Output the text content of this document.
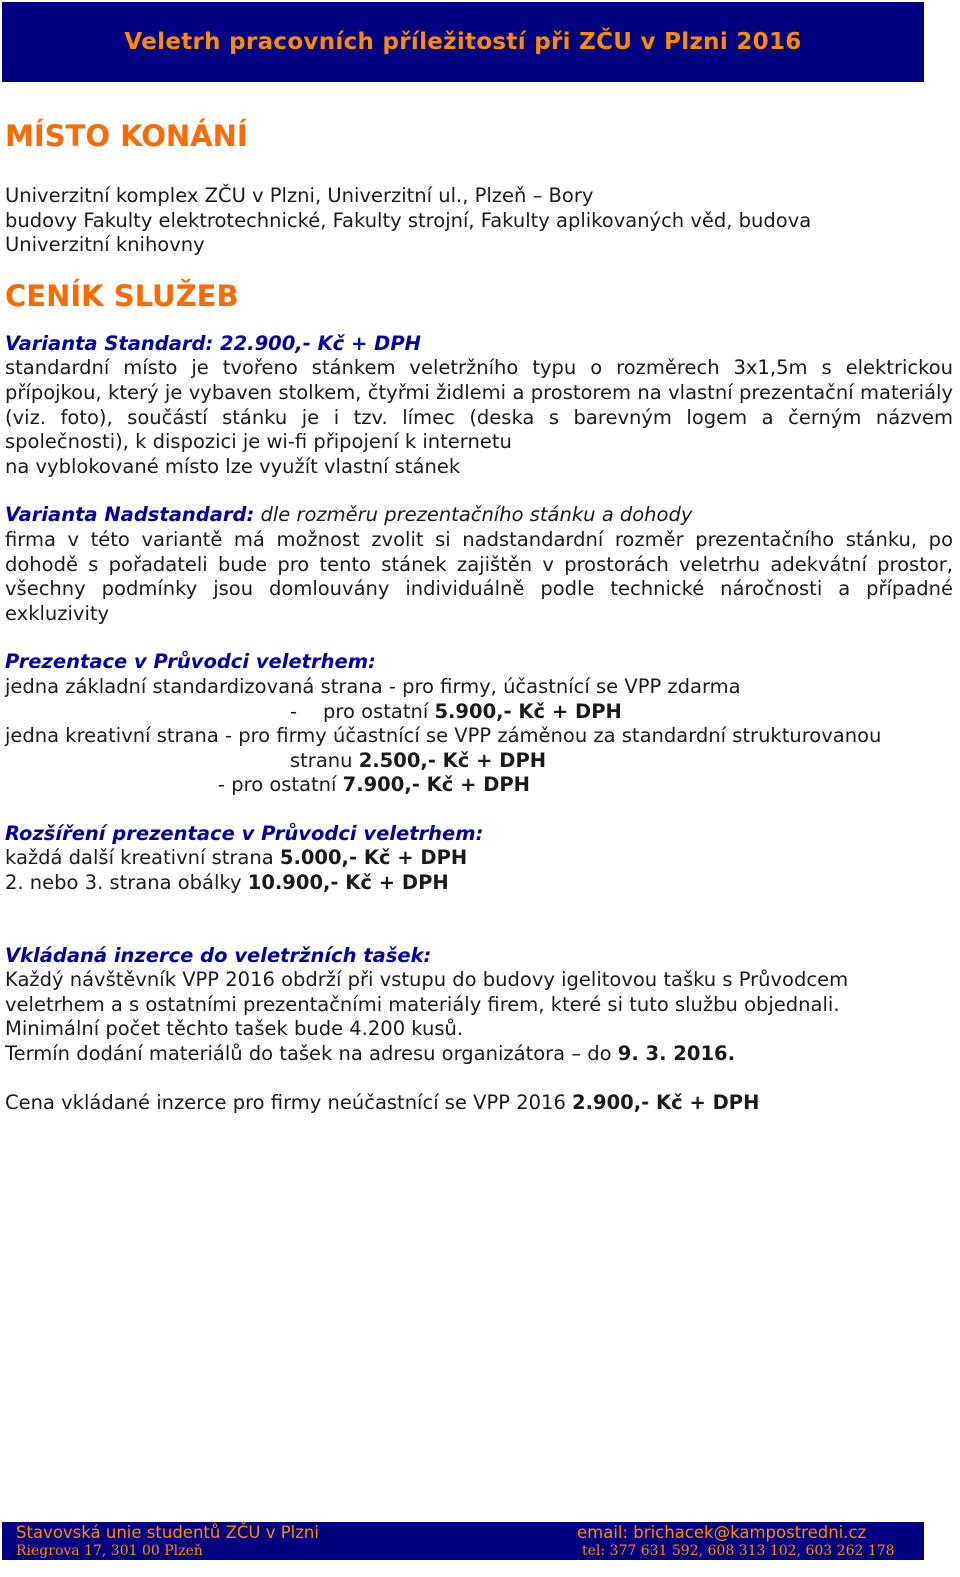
Veletrh pracovních příležitostí při ZČU v Plzni 2016
MÍSTO KONÁNÍ

Univerzitní komplex ZČU v Plzni, Univerzitní ul., Plzeň – Bory

budovy Fakulty elektrotechnické, Fakulty strojní, Fakulty aplikovaných věd, budova

Univerzitní knihovny

CENÍK SLUŽEB
Varianta Standard: 22.900,- Kč + DPH

standardní místo je tvořeno stánkem veletržního typu o rozměrech 3x1,5m s elektrickou přípojkou, který je vybaven stolkem, čtyřmi židlemi a prostorem na vlastní prezentační materiály (viz. foto), součástí stánku je i tzv. límec (deska s barevným logem a černým názvem společnosti), k dispozici je wi-fi připojení k internetu

na vyblokované místo lze využít vlastní stánek

Varianta Nadstandard: dle rozměru prezentačního stánku a dohody

firma v této variantě má možnost zvolit si nadstandardní rozměr prezentačního stánku, po dohodě s pořadateli bude pro tento stánek zajištěn v prostorách veletrhu adekvátní prostor, všechny podmínky jsou domlouvány individuálně podle technické náročnosti a případné exkluzivity

Prezentace v Průvodci veletrhem:

jedna základní standardizovaná strana - pro firmy, účastnící se VPP zdarma

- pro ostatní 5.900,- Kč + DPH

jedna kreativní strana - pro firmy účastnící se VPP záměnou za standardní strukturovanou

stranu 2.500,- Kč + DPH

- pro ostatní 7.900,- Kč + DPH

Rozšíření prezentace v Průvodci veletrhem:

každá další kreativní strana 5.000,- Kč + DPH

2. nebo 3. strana obálky 10.900,- Kč + DPH

Vkládaná inzerce do veletržních tašek:

Každý návštěvník VPP 2016 obdrží při vstupu do budovy igelitovou tašku s Průvodcem

veletrhem a s ostatními prezentačními materiály firem, které si tuto službu objednali.

Minimální počet těchto tašek bude 4.200 kusů.

Termín dodání materiálů do tašek na adresu organizátora – do 9. 3. 2016.

Cena vkládané inzerce pro firmy neúčastnící se VPP 2016 2.900,- Kč + DPH

Stavovská unie studentů ZČU v Plzni
Riegrova 17, 301 00 Plzeň
email: brichacek@kampostredni.cz
tel: 377 631 592, 608 313 102, 603 262 178
